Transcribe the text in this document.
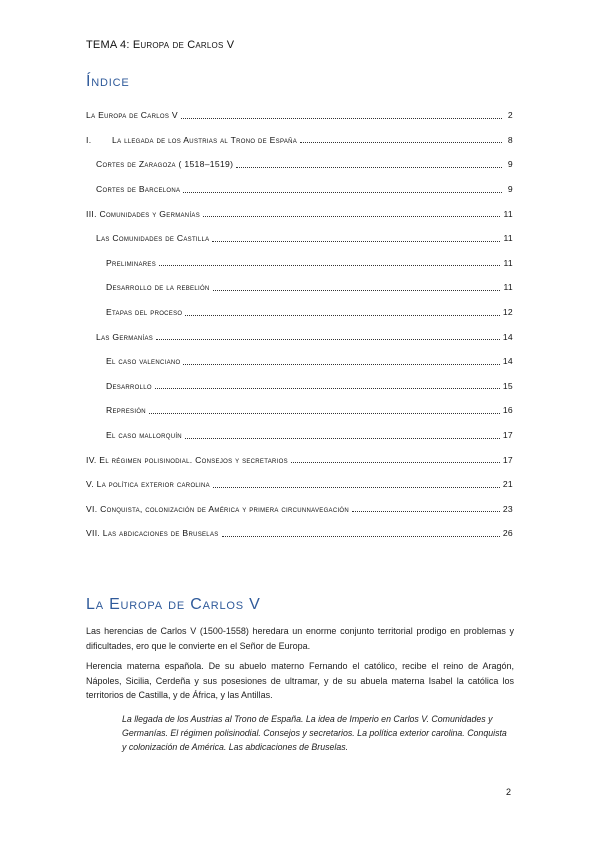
TEMA 4: Europa de Carlos V
Índice
La Europa de Carlos V	2
I. La llegada de los Austrias al Trono de España	8
Cortes de Zaragoza ( 1518–1519)	9
Cortes de Barcelona	9
III. Comunidades y Germanías	11
Las Comunidades de Castilla	11
Preliminares	11
Desarrollo de la rebelión	11
Etapas del proceso	12
Las Germanías	14
El caso valenciano	14
Desarrollo	15
Represión	16
El caso mallorquín	17
IV. El régimen polisinodial. Consejos y secretarios	17
V. La política exterior carolina	21
VI. Conquista, colonización de América y primera circunnavegación	23
VII. Las abdicaciones de Bruselas	26
La Europa de Carlos V
Las herencias de Carlos V (1500-1558) heredara un enorme conjunto territorial prodigo en problemas y dificultades, ero que le convierte en el Señor de Europa.
Herencia materna española. De su abuelo materno Fernando el católico, recibe el reino de Aragón, Nápoles, Sicilia, Cerdeña y sus posesiones de ultramar, y de su abuela materna Isabel la católica los territorios de Castilla, y de África, y las Antillas.
La llegada de los Austrias al Trono de España. La idea de Imperio en Carlos V. Comunidades y Germanías. El régimen polisinodial. Consejos y secretarios. La política exterior carolina. Conquista y colonización de América. Las abdicaciones de Bruselas.
2
